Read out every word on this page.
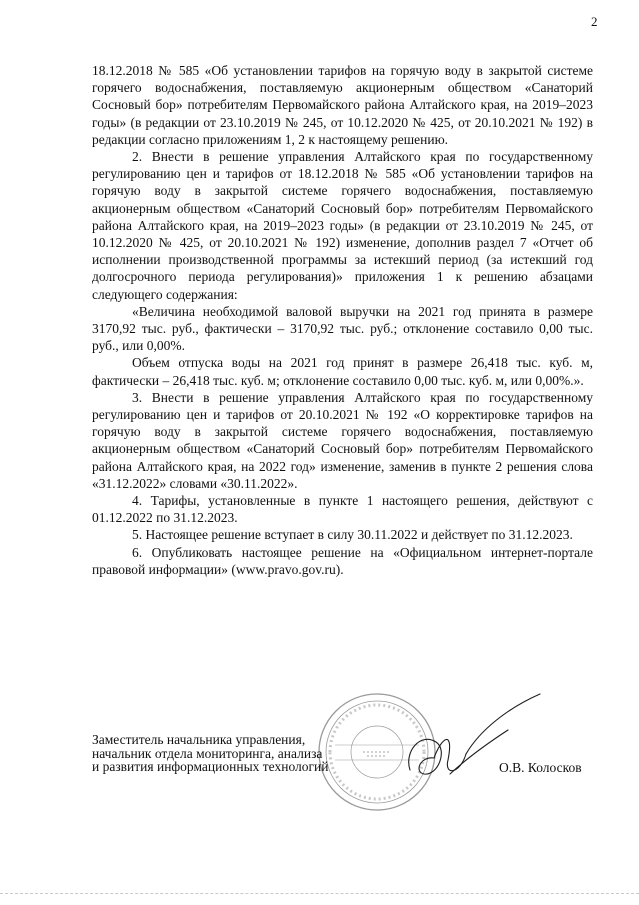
2

18.12.2018 № 585 «Об установлении тарифов на горячую воду в закрытой системе горячего водоснабжения, поставляемую акционерным обществом «Санаторий Сосновый бор» потребителям Первомайского района Алтайского края, на 2019–2023 годы» (в редакции от 23.10.2019 № 245, от 10.12.2020 № 425, от 20.10.2021 № 192) в редакции согласно приложениям 1, 2 к настоящему решению.

2. Внести в решение управления Алтайского края по государственному регулированию цен и тарифов от 18.12.2018 № 585 «Об установлении тарифов на горячую воду в закрытой системе горячего водоснабжения, поставляемую акционерным обществом «Санаторий Сосновый бор» потребителям Первомайского района Алтайского края, на 2019–2023 годы» (в редакции от 23.10.2019 № 245, от 10.12.2020 № 425, от 20.10.2021 № 192) изменение, дополнив раздел 7 «Отчет об исполнении производственной программы за истекший период (за истекший год долгосрочного периода регулирования)» приложения 1 к решению абзацами следующего содержания:

«Величина необходимой валовой выручки на 2021 год принята в размере 3170,92 тыс. руб., фактически – 3170,92 тыс. руб.; отклонение составило 0,00 тыс. руб., или 0,00%.

Объем отпуска воды на 2021 год принят в размере 26,418 тыс. куб. м, фактически – 26,418 тыс. куб. м; отклонение составило 0,00 тыс. куб. м, или 0,00%.».

3. Внести в решение управления Алтайского края по государственному регулированию цен и тарифов от 20.10.2021 № 192 «О корректировке тарифов на горячую воду в закрытой системе горячего водоснабжения, поставляемую акционерным обществом «Санаторий Сосновый бор» потребителям Первомайского района Алтайского края, на 2022 год» изменение, заменив в пункте 2 решения слова «31.12.2022» словами «30.11.2022».

4. Тарифы, установленные в пункте 1 настоящего решения, действуют с 01.12.2022 по 31.12.2023.

5. Настоящее решение вступает в силу 30.11.2022 и действует по 31.12.2023.

6. Опубликовать настоящее решение на «Официальном интернет-портале правовой информации» (www.pravo.gov.ru).

Заместитель начальника управления,
начальник отдела мониторинга, анализа
и развития информационных технологий	О.В. Колосков
